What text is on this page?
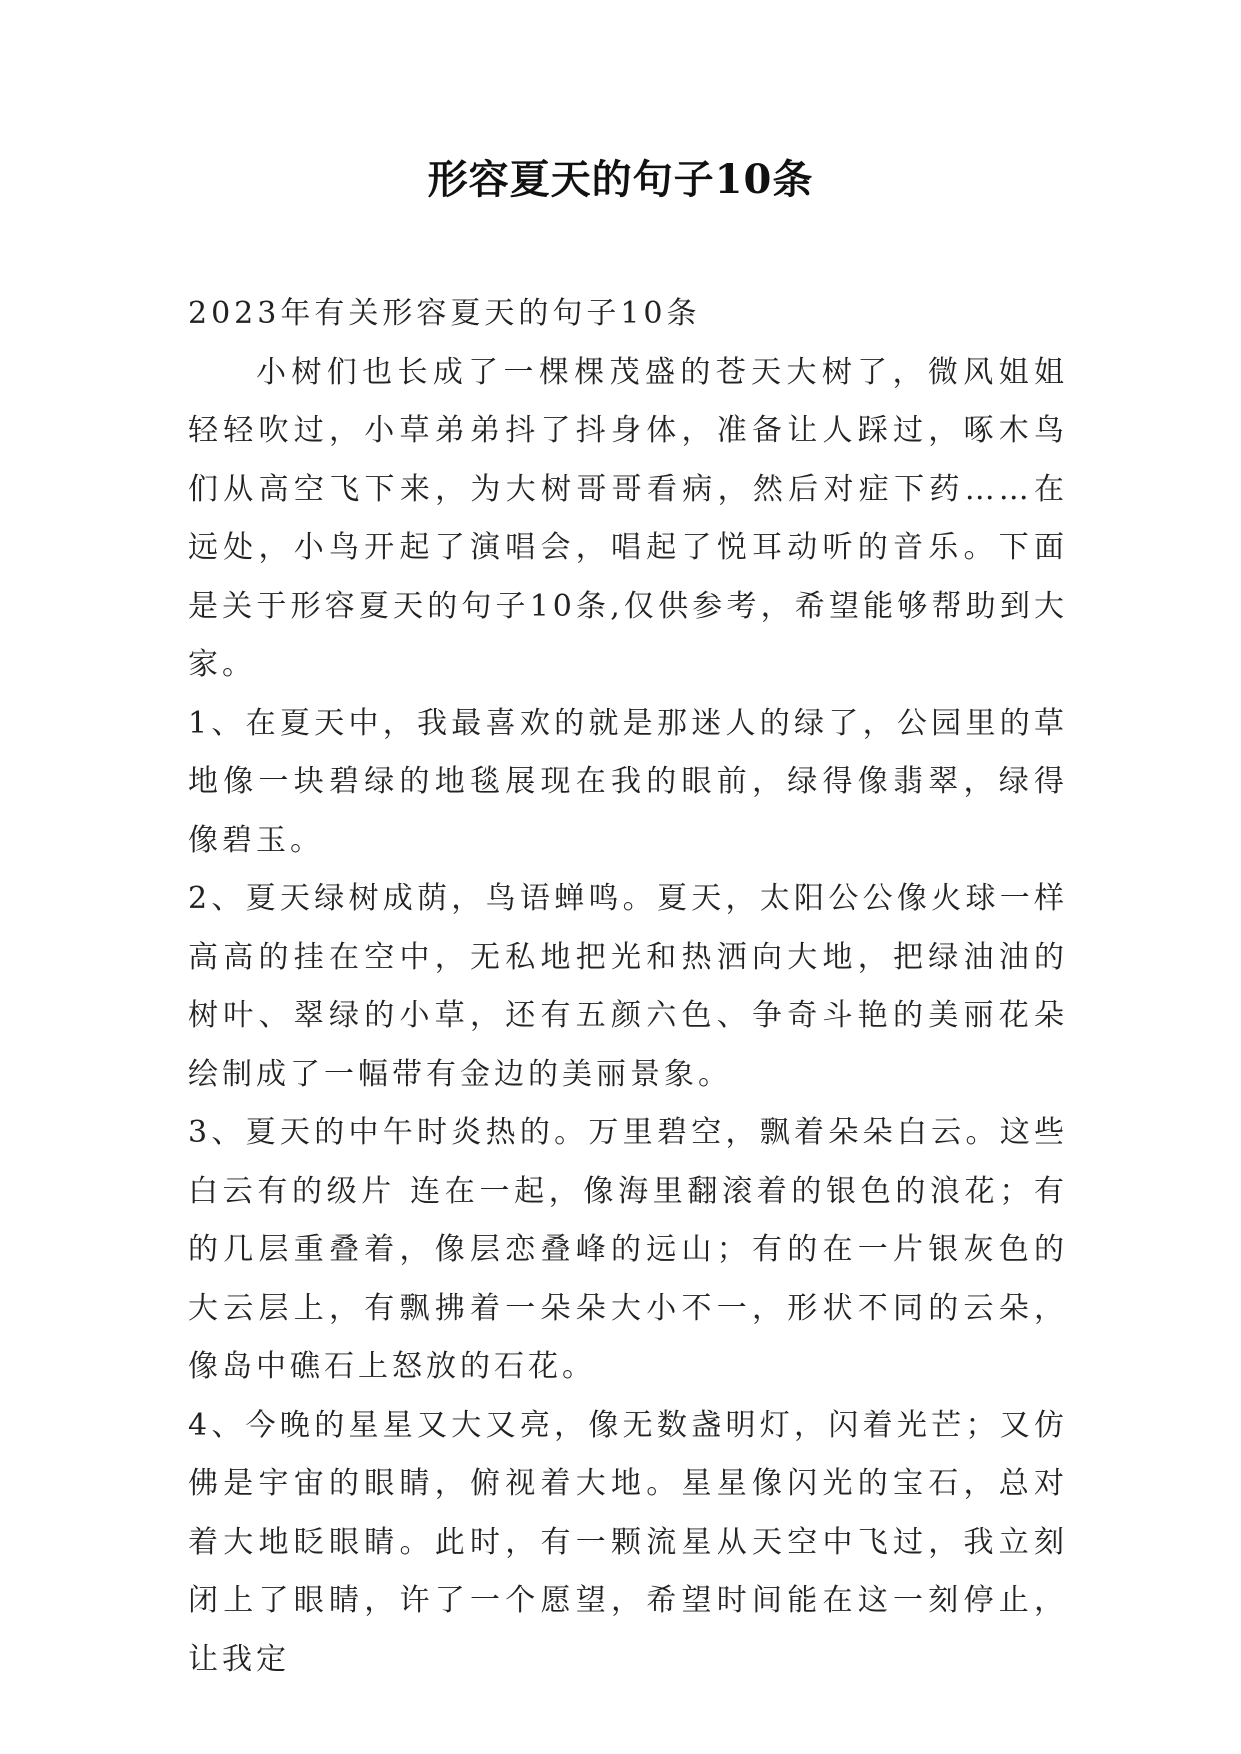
形容夏天的句子10条

2023年有关形容夏天的句子10条

小树们也长成了一棵棵茂盛的苍天大树了，微风姐姐轻轻吹过，小草弟弟抖了抖身体，准备让人踩过，啄木鸟们从高空飞下来，为大树哥哥看病，然后对症下药……在远处，小鸟开起了演唱会，唱起了悦耳动听的音乐。下面是关于形容夏天的句子10条,仅供参考，希望能够帮助到大家。

1、在夏天中，我最喜欢的就是那迷人的绿了，公园里的草地像一块碧绿的地毯展现在我的眼前，绿得像翡翠，绿得像碧玉。

2、夏天绿树成荫，鸟语蝉鸣。夏天，太阳公公像火球一样高高的挂在空中，无私地把光和热洒向大地，把绿油油的树叶、翠绿的小草，还有五颜六色、争奇斗艳的美丽花朵绘制成了一幅带有金边的美丽景象。

3、夏天的中午时炎热的。万里碧空，飘着朵朵白云。这些白云有的级片 连在一起，像海里翻滚着的银色的浪花；有的几层重叠着，像层恋叠峰的远山；有的在一片银灰色的大云层上，有飘拂着一朵朵大小不一，形状不同的云朵，像岛中礁石上怒放的石花。

4、今晚的星星又大又亮，像无数盏明灯，闪着光芒；又仿佛是宇宙的眼睛，俯视着大地。星星像闪光的宝石，总对着大地眨眼睛。此时，有一颗流星从天空中飞过，我立刻闭上了眼睛，许了一个愿望，希望时间能在这一刻停止，让我定
